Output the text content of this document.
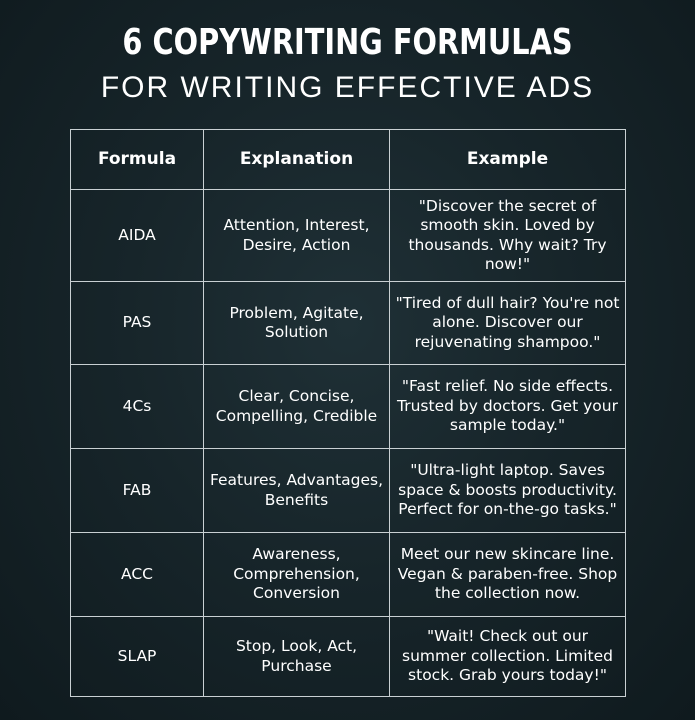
6 COPYWRITING FORMULAS
FOR WRITING EFFECTIVE ADS
Formula	Explanation	Example
AIDA	Attention, Interest, Desire, Action	"Discover the secret of smooth skin. Loved by thousands. Why wait? Try now!"
PAS	Problem, Agitate, Solution	"Tired of dull hair? You're not alone. Discover our rejuvenating shampoo."
4Cs	Clear, Concise, Compelling, Credible	"Fast relief. No side effects. Trusted by doctors. Get your sample today."
FAB	Features, Advantages, Benefits	"Ultra-light laptop. Saves space & boosts productivity. Perfect for on-the-go tasks."
ACC	Awareness, Comprehension, Conversion	Meet our new skincare line. Vegan & paraben-free. Shop the collection now.
SLAP	Stop, Look, Act, Purchase	"Wait! Check out our summer collection. Limited stock. Grab yours today!"
